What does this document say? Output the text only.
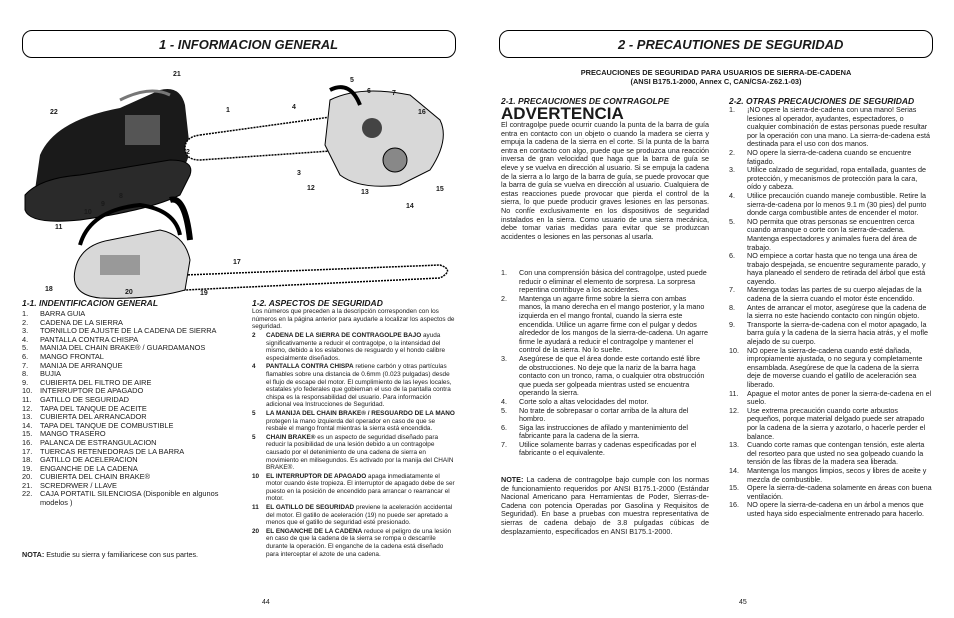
1 - INFORMACION GENERAL
21
22	1
2
3
4
5
6	7
12
13
14
15
16
8
9
10
11
17
18
19
20
1-1. INDENTIFICACION GENERAL
1. BARRA GUIA
2. CADENA DE LA SIERRA
3. TORNILLO DE AJUSTE DE LA CADENA DE SIERRA
4. PANTALLA CONTRA CHISPA
5. MANIJA DEL CHAIN BRAKE® / GUARDAMANOS
6. MANGO FRONTAL
7. MANIJA DE ARRANQUE
8. BUJIA
9. CUBIERTA DEL FILTRO DE AIRE
10. INTERRUPTOR DE APAGADO
11. GATILLO DE SEGURIDAD
12. TAPA DEL TANQUE DE ACEITE
13. CUBIERTA DEL ARRANCADOR
14. TAPA DEL TANQUE DE COMBUSTIBLE
15. MANGO TRASERO
16. PALANCA DE ESTRANGULACION
17. TUERCAS RETENEDORAS DE LA BARRA
18. GATILLO DE ACELERACION
19. ENGANCHE DE LA CADENA
20. CUBIERTA DEL CHAIN BRAKE®
21. SCREDRWER / LLAVE
22. CAJA PORTATIL SILENCIOSA (Disponible en algunos modelos )
1-2. ASPECTOS DE SEGURIDAD
Los números que preceden a la descripción corresponden con los números en la página anterior para ayudarle a localizar los aspectos de seguridad.
2 CADENA DE LA SIERRA DE CONTRAGOLPE BAJO ayuda significativamente a reducir el contragolpe, o la intensidad del mismo, debido a los eslabones de resguardo y el hondo calibre especialmente diseñados.
4 PANTALLA CONTRA CHISPA retiene carbón y otras partículas flamables sobre una distancia de 0.6mm (0.023 pulgadas) desde el flujo de escape del motor. El cumplimiento de las leyes locales, estatales y/o federales que gobiernan el uso de la pantalla contra chispa es la responsabilidad del usuario. Para información adicional vea Instrucciones de Seguridad.
5 LA MANIJA DEL CHAIN BRAKE® / RESGUARDO DE LA MANO protegen la mano izquierda del operador en caso de que se resbale el mango frontal mientras la sierra está encendida.
5 CHAIN BRAKE® es un aspecto de seguridad diseñado para reducir la posibilidad de una lesión debido a un contragolpe causado por el detenimiento de una cadena de sierra en movimiento en milisegundos. Es activado por la manija del CHAIN BRAKE®.
10 EL INTERRUPTOR DE APAGADO apaga inmediatamente el motor cuando éste tropieza. El interruptor de apagado debe de ser puesto en la posición de encendido para arrancar o rearrancar el motor.
11 EL GATILLO DE SEGURIDAD previene la aceleración accidental del motor. El gatillo de aceleración (19) no puede ser apretado a menos que el gatillo de seguridad esté presionado.
20 EL ENGANCHE DE LA CADENA reduce el peligro de una lesión en caso de que la cadena de la sierra se rompa o descarrile durante la operación. El enganche de la cadena está diseñado para interceptar el azote de una cadena.
44
2 - PRECAUTIONES DE SEGURIDAD
PRECAUCIONES DE SEGURIDAD PARA USUARIOS DE SIERRA-DE-CADENA
(ANSI B175.1-2000, Annex C, CAN/CSA-Z62.1-03)
2-1. PRECAUCIONES DE CONTRAGOLPE
ADVERTENCIA
El contragolpe puede ocurrir cuando la punta de la barra de guía entra en contacto con un objeto o cuando la madera se cierra y empuja la cadena de la sierra en el corte. Si la punta de la barra entra en contacto con algo, puede que se produzca una reacción inversa de gran velocidad que haga que la barra de guía se eleve y se vuelva en dirección al usuario. Si se empuja la cadena de la sierra a lo largo de la barra de guía, se puede provocar que la barra de guía se vuelva en dirección al usuario. Cualquiera de estas reacciones puede provocar que pierda el control de la sierra, lo que puede producir graves lesiones en las personas. No confíe exclusivamente en los dispositivos de seguridad instalados en la sierra. Como usuario de una sierra mecánica, debe tomar varias medidas para evitar que se produzcan accidentes o lesiones en las personas al usarla.
1. Con una comprensión básica del contragolpe, usted puede reducir o eliminar el elemento de sorpresa. La sorpresa repentina contribuye a los accidentes.
2. Mantenga un agarre firme sobre la sierra con ambas manos, la mano derecha en el mango posterior, y la mano izquierda en el mango frontal, cuando la sierra este encendida. Utilice un agarre firme con el pulgar y dedos alrededor de los mangos de la sierra-de-cadena. Un agarre firme le ayudará a reducir el contragolpe y mantener el control de la sierra. No lo suelte.
3. Asegúrese de que el área donde este cortando esté libre de obstrucciones. No deje que la nariz de la barra haga contacto con un tronco, rama, o cualquier otra obstrucción que pueda ser golpeada mientras usted se encuentra operando la sierra.
4. Corte solo a altas velocidades del motor.
5. No trate de sobrepasar o cortar arriba de la altura del hombro.
6. Siga las instrucciones de afilado y mantenimiento del fabricante para la cadena de la sierra.
7. Utilice solamente barras y cadenas especificadas por el fabricante o el equivalente.
NOTE: La cadena de contragolpe bajo cumple con los normas de funcionamiento requeridos por ANSI B175.1-2000 (Estándar Nacional Americano para Herramientas de Poder, Sierras-de-Cadena con potencia Operadas por Gasolina y Requisitos de Seguridad). En base a pruebas con muestra representativa de sierras de cadena debajo de 3.8 pulgadas cúbicas de desplazamiento, especificados en ANSI B175.1-2000.
2-2. OTRAS PRECAUCIONES DE SEGURIDAD
1. ¡NO opere la sierra-de-cadena con una mano! Serias lesiones al operador, ayudantes, espectadores, o cualquier combinación de estas personas puede resultar por la operación con una mano. La sierra-de-cadena está destinada para el uso con dos manos.
2. NO opere la sierra-de-cadena cuando se encuentre fatigado.
3. Utilice calzado de seguridad, ropa entallada, guantes de protección, y mecanismos de protección para la cara, oído y cabeza.
4. Utilice precaución cuando maneje combustible. Retire la sierra-de-cadena por lo menos 9.1 m (30 pies) del punto donde carga combustible antes de encender el motor.
5. NO permita que otras personas se encuentren cerca cuando arranque o corte con la sierra-de-cadena. Mantenga espectadores y animales fuera del área de trabajo.
6. NO empiece a cortar hasta que no tenga una área de trabajo despejada, se encuentre seguramente parado, y haya planeado el sendero de retirada del árbol que está cayendo.
7. Mantenga todas las partes de su cuerpo alejadas de la cadena de la sierra cuando el motor éste encendido.
8. Antes de arrancar el motor, asegúrese que la cadena de la sierra no este haciendo contacto con ningún objeto.
9. Transporte la sierra-de-cadena con el motor apagado, la barra guía y la cadena de la sierra hacia atrás, y el mofle alejado de su cuerpo.
10. NO opere la sierra-de-cadena cuando esté dañada, impropiamente ajustada, o no segura y completamente ensamblada. Asegúrese de que la cadena de la sierra deje de moverse cuando el gatillo de aceleración sea liberado.
11. Apague el motor antes de poner la sierra-de-cadena en el suelo.
12. Use extrema precaución cuando corte arbustos pequeños, porque material delgado puede ser atrapado por la cadena de la sierra y azotarlo, o hacerle perder el balance.
13. Cuando corte ramas que contengan tensión, este alerta del resorteo para que usted no sea golpeado cuando la tensión de las fibras de la madera sea liberada.
14. Mantenga los mangos limpios, secos y libres de aceite y mezcla de combustible.
15. Opere la sierra-de-cadena solamente en áreas con buena ventilación.
16. NO opere la sierra-de-cadena en un árbol a menos que usted haya sido especialmente entrenado para hacerlo.
45
NOTA: Estudie su sierra y familiaricese con sus partes.
